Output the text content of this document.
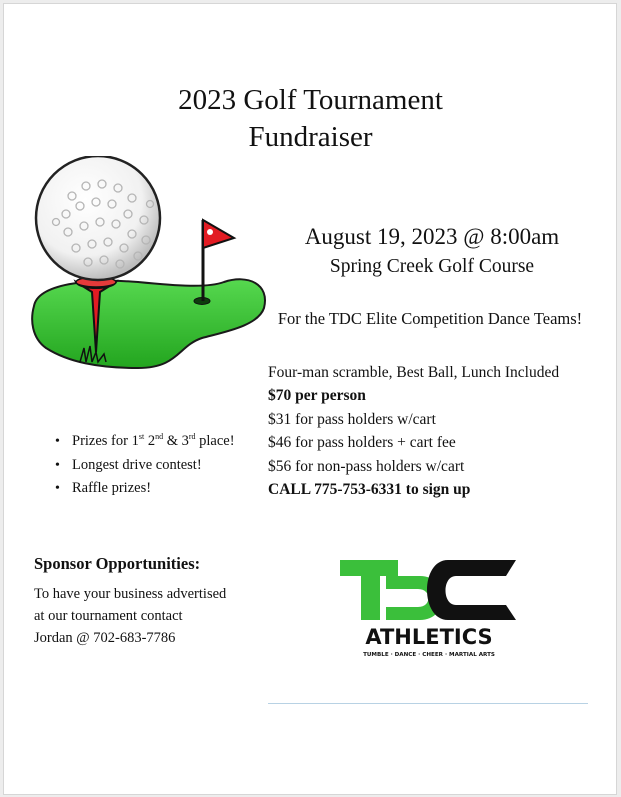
2023 Golf Tournament
Fundraiser
August 19, 2023 @ 8:00am
Spring Creek Golf Course
For the TDC Elite Competition Dance Teams!
Four-man scramble, Best Ball, Lunch Included
$70 per person
$31 for pass holders w/cart
$46 for pass holders + cart fee
$56 for non-pass holders w/cart
CALL 775-753-6331 to sign up
• Prizes for 1st 2nd & 3rd place!
• Longest drive contest!
• Raffle prizes!
Sponsor Opportunities:
To have your business advertised
at our tournament contact
Jordan @ 702-683-7786	ATHLETICS
TUMBLE · DANCE · CHEER · MARTIAL ARTS
